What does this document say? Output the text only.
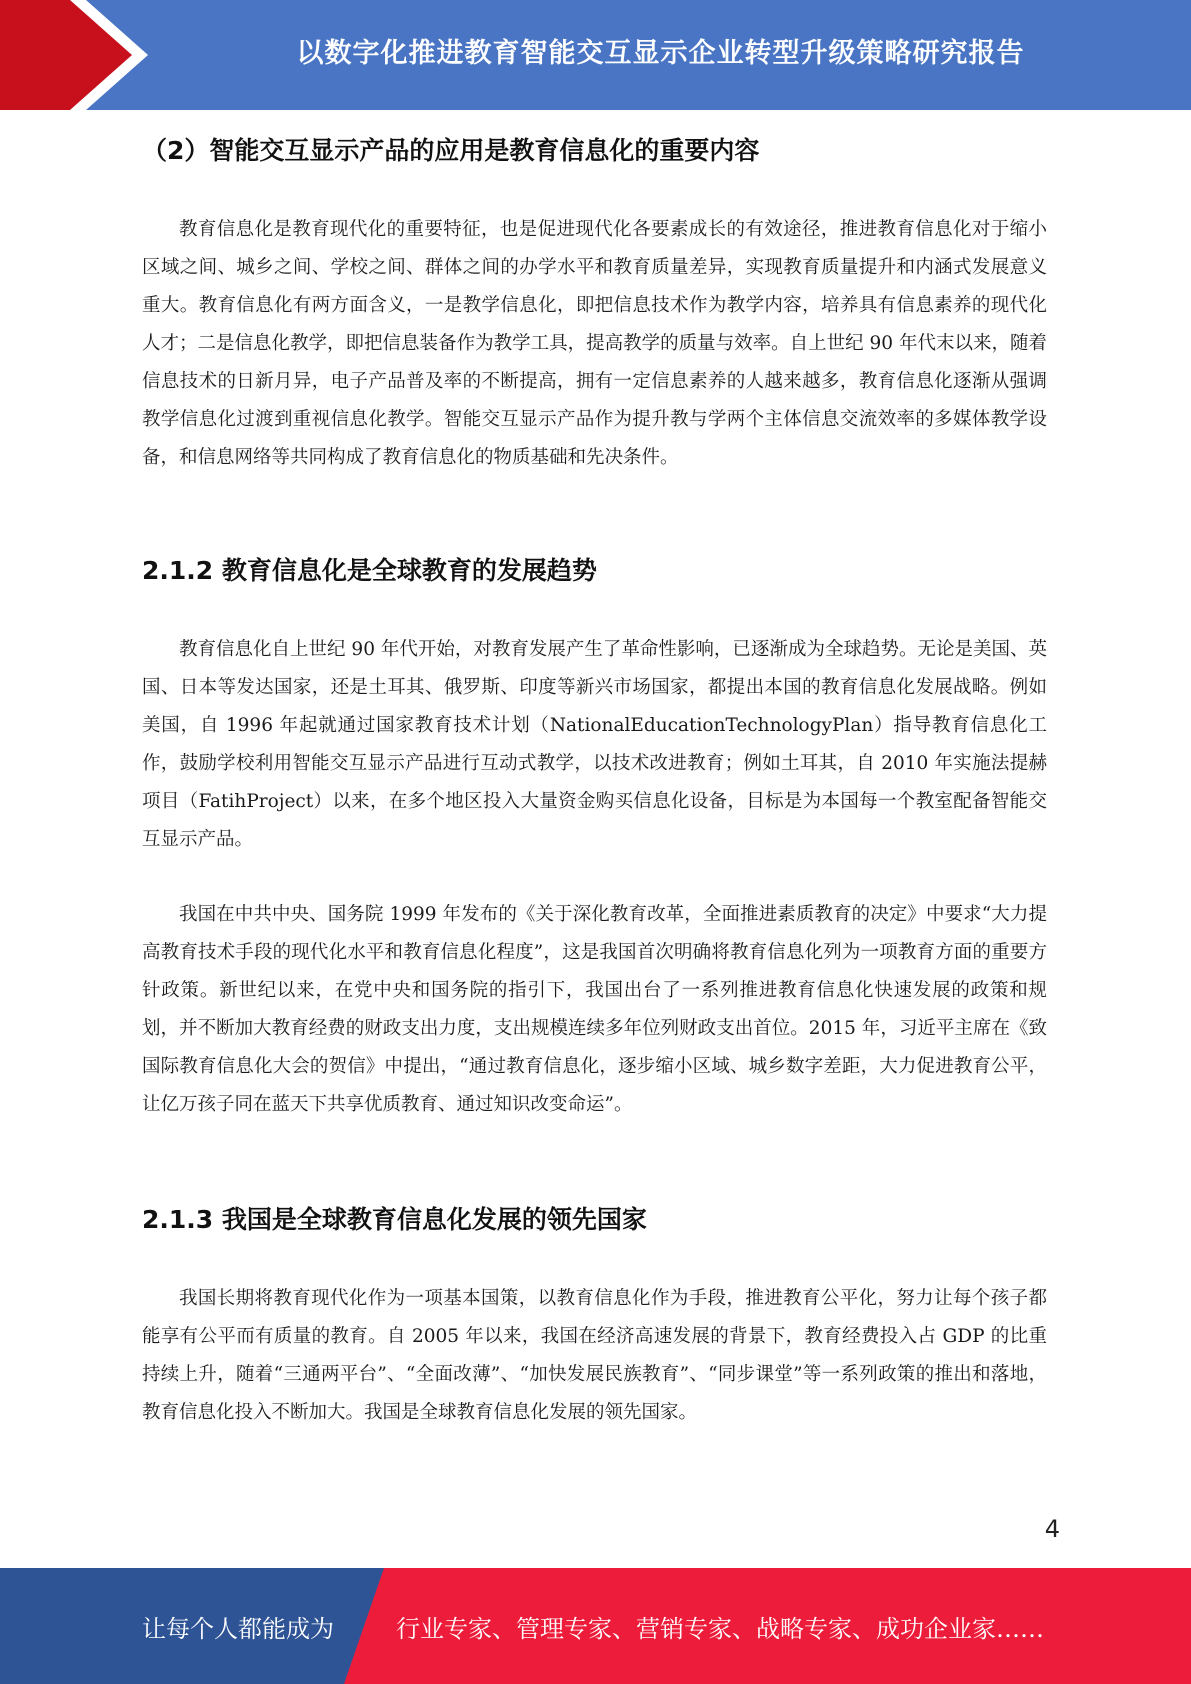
以数字化推进教育智能交互显示企业转型升级策略研究报告
（2）智能交互显示产品的应用是教育信息化的重要内容

教育信息化是教育现代化的重要特征，也是促进现代化各要素成长的有效途径，推进教育信息化对于缩小区域之间、城乡之间、学校之间、群体之间的办学水平和教育质量差异，实现教育质量提升和内涵式发展意义重大。教育信息化有两方面含义，一是教学信息化，即把信息技术作为教学内容，培养具有信息素养的现代化人才；二是信息化教学，即把信息装备作为教学工具，提高教学的质量与效率。自上世纪 90 年代末以来，随着信息技术的日新月异，电子产品普及率的不断提高，拥有一定信息素养的人越来越多，教育信息化逐渐从强调教学信息化过渡到重视信息化教学。智能交互显示产品作为提升教与学两个主体信息交流效率的多媒体教学设备，和信息网络等共同构成了教育信息化的物质基础和先决条件。

2.1.2 教育信息化是全球教育的发展趋势

教育信息化自上世纪 90 年代开始，对教育发展产生了革命性影响，已逐渐成为全球趋势。无论是美国、英国、日本等发达国家，还是土耳其、俄罗斯、印度等新兴市场国家，都提出本国的教育信息化发展战略。例如美国，自 1996 年起就通过国家教育技术计划（NationalEducationTechnologyPlan）指导教育信息化工作，鼓励学校利用智能交互显示产品进行互动式教学，以技术改进教育；例如土耳其，自 2010 年实施法提赫项目（FatihProject）以来，在多个地区投入大量资金购买信息化设备，目标是为本国每一个教室配备智能交互显示产品。

我国在中共中央、国务院 1999 年发布的《关于深化教育改革，全面推进素质教育的决定》中要求“大力提高教育技术手段的现代化水平和教育信息化程度”，这是我国首次明确将教育信息化列为一项教育方面的重要方针政策。新世纪以来，在党中央和国务院的指引下，我国出台了一系列推进教育信息化快速发展的政策和规划，并不断加大教育经费的财政支出力度，支出规模连续多年位列财政支出首位。2015 年，习近平主席在《致国际教育信息化大会的贺信》中提出，“通过教育信息化，逐步缩小区域、城乡数字差距，大力促进教育公平，让亿万孩子同在蓝天下共享优质教育、通过知识改变命运”。

2.1.3 我国是全球教育信息化发展的领先国家

我国长期将教育现代化作为一项基本国策，以教育信息化作为手段，推进教育公平化，努力让每个孩子都能享有公平而有质量的教育。自 2005 年以来，我国在经济高速发展的背景下，教育经费投入占 GDP 的比重持续上升，随着“三通两平台”、“全面改薄”、“加快发展民族教育”、“同步课堂”等一系列政策的推出和落地，教育信息化投入不断加大。我国是全球教育信息化发展的领先国家。

4
让每个人都能成为	行业专家、管理专家、营销专家、战略专家、成功企业家……
